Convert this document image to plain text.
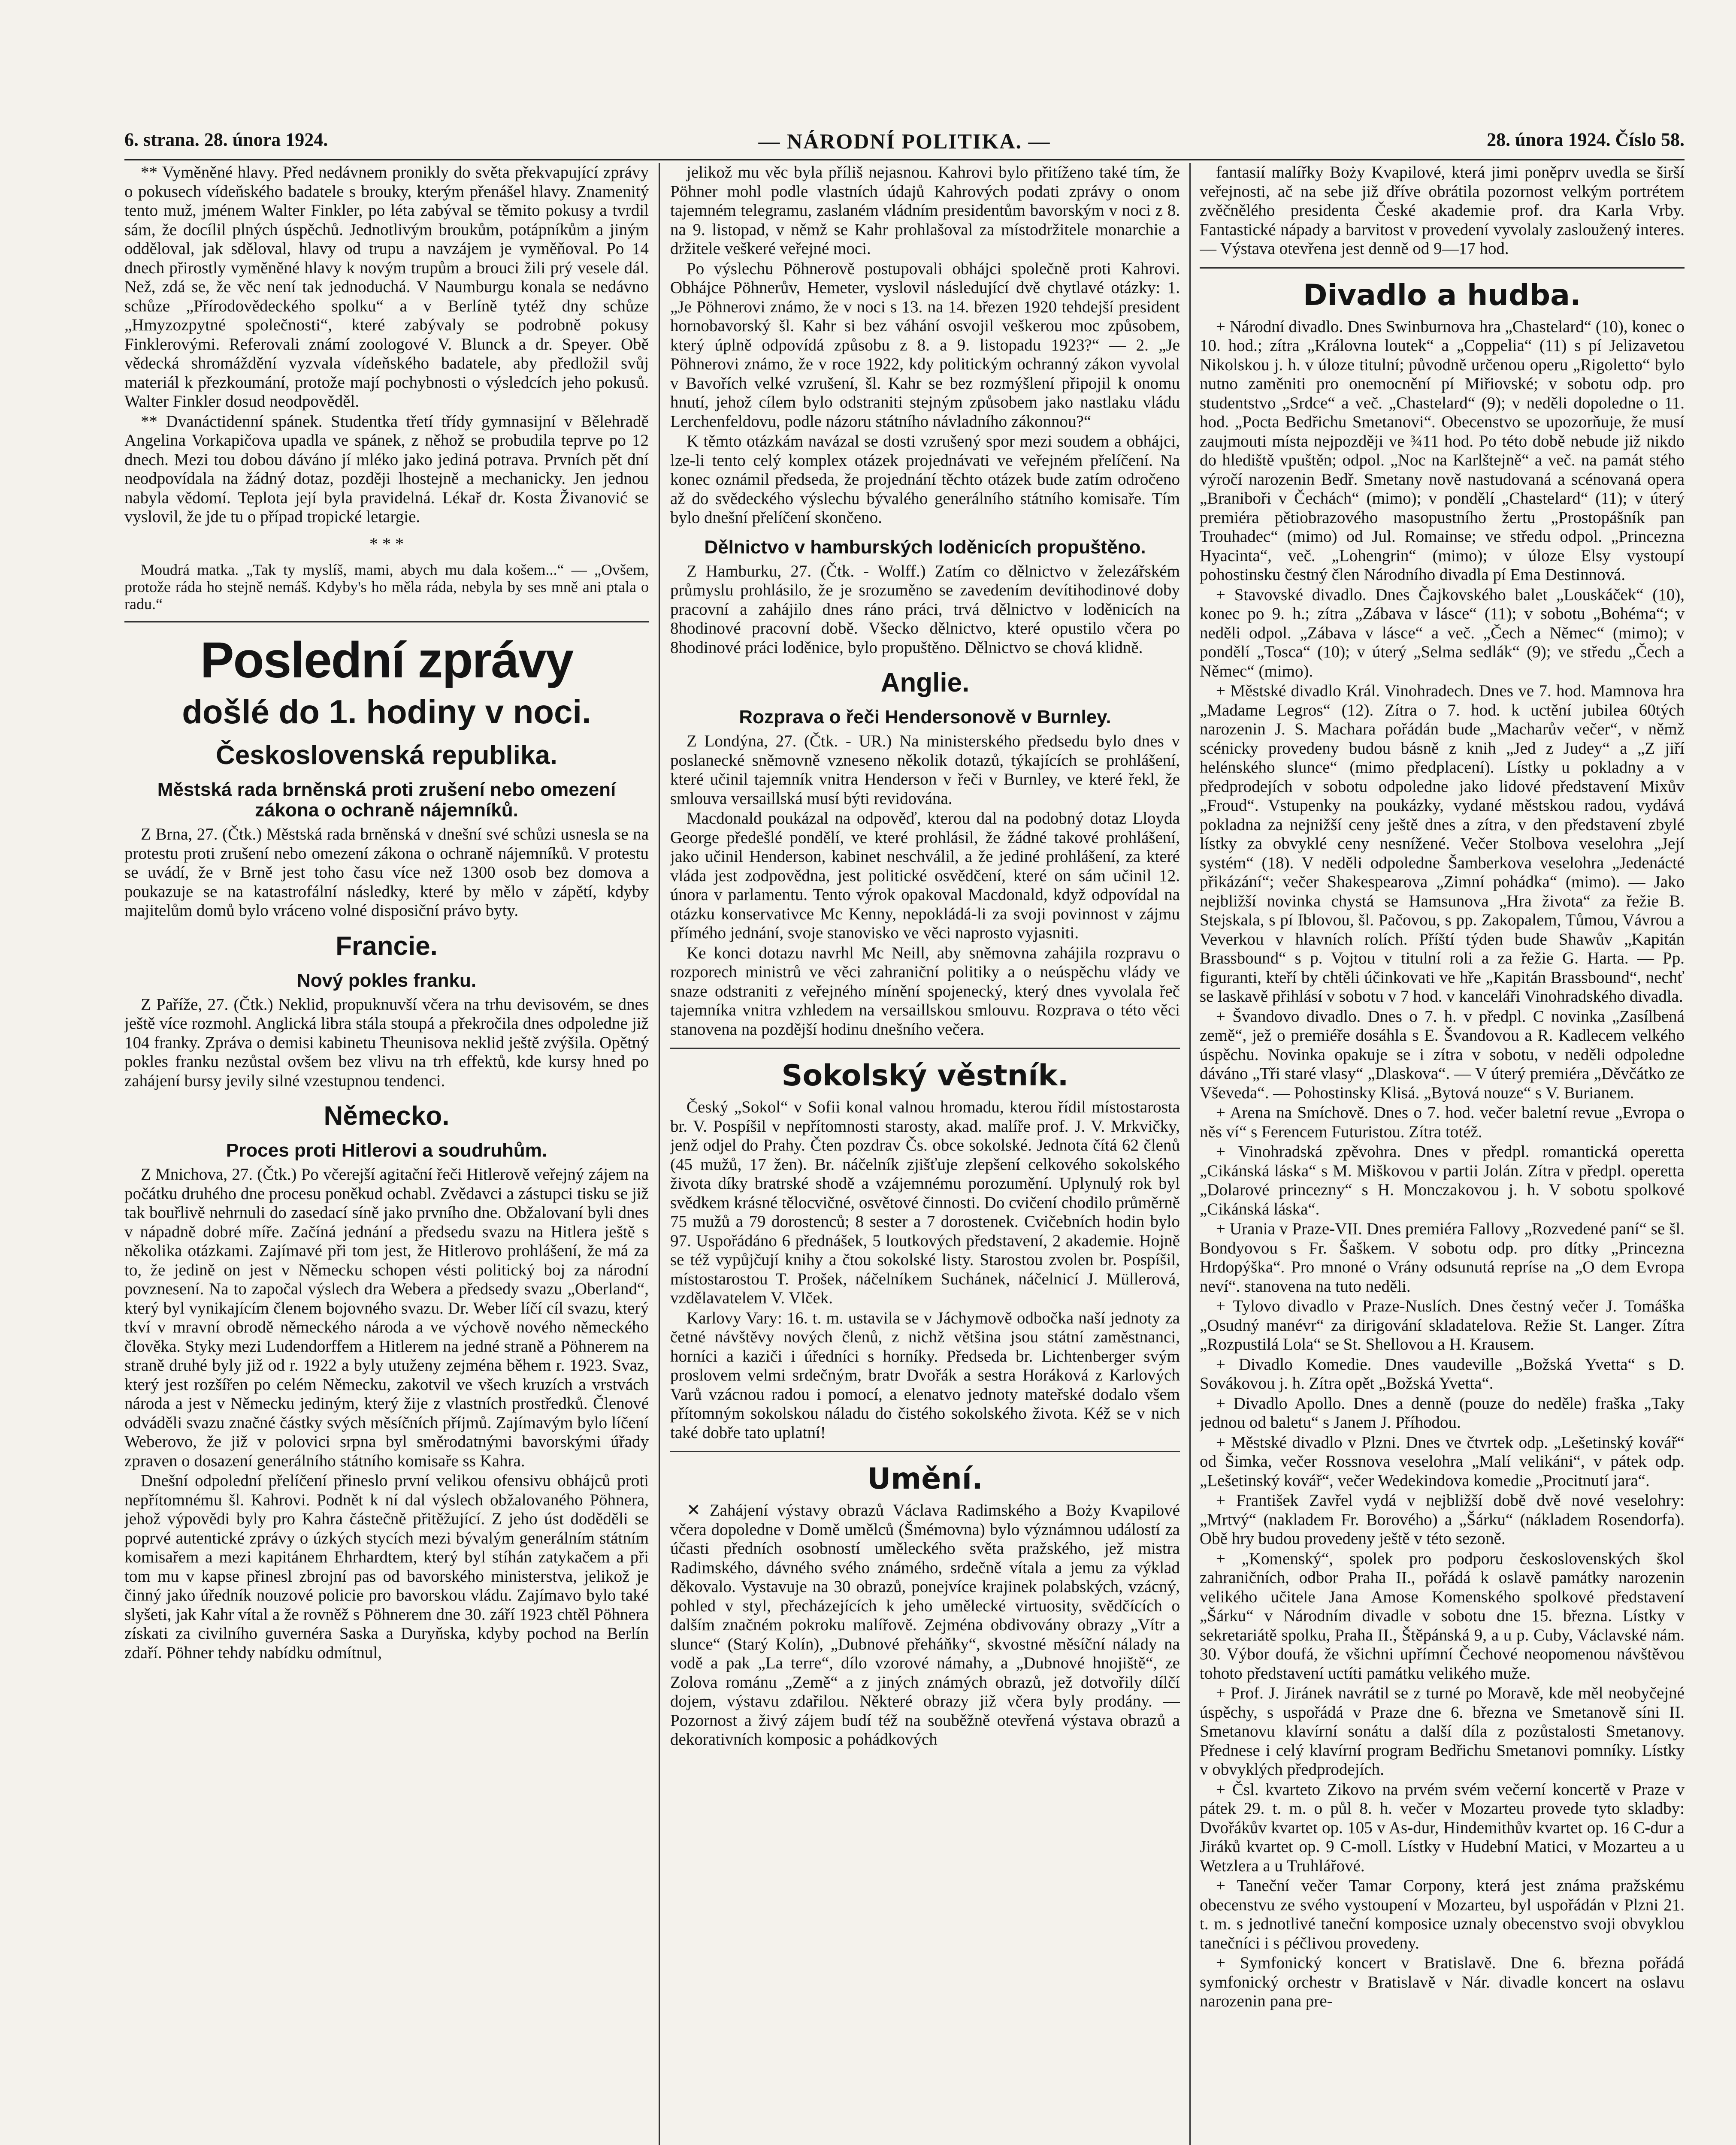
6. strana. 28. února 1924.	— NÁRODNÍ POLITIKA. —	28. února 1924. Číslo 58.

** Vyměněné hlavy. Před nedávnem pronikly do světa překvapující zprávy o pokusech vídeňského badatele s brouky, kterým přenášel hlavy. Znamenitý tento muž, jménem Walter Finkler, po léta zabýval se těmito pokusy a tvrdil sám, že docílil plných úspěchů. Jednotlivým broukům, potápníkům a jiným odděloval, jak sděloval, hlavy od trupu a navzájem je vyměňoval. Po 14 dnech přirostly vyměněné hlavy k novým trupům a brouci žili prý vesele dál. Než, zdá se, že věc není tak jednoduchá. V Naumburgu konala se nedávno schůze „Přírodovědeckého spolku“ a v Berlíně tytéž dny schůze „Hmyzozpytné společnosti“, které zabývaly se podrobně pokusy Finklerovými. Referovali známí zoologové V. Blunck a dr. Speyer. Obě vědecká shromáždění vyzvala vídeňského badatele, aby předložil svůj materiál k přezkoumání, protože mají pochybnosti o výsledcích jeho pokusů. Walter Finkler dosud neodpověděl.

** Dvanáctidenní spánek. Studentka třetí třídy gymnasijní v Bělehradě Angelina Vorkapičova upadla ve spánek, z něhož se probudila teprve po 12 dnech. Mezi tou dobou dáváno jí mléko jako jediná potrava. Prvních pět dní neodpovídala na žádný dotaz, později lhostejně a mechanicky. Jen jednou nabyla vědomí. Teplota její byla pravidelná. Lékař dr. Kosta Živanović se vyslovil, že jde tu o případ tropické letargie.

* * *

Moudrá matka. „Tak ty myslíš, mami, abych mu dala košem...“ — „Ovšem, protože ráda ho stejně nemáš. Kdyby's ho měla ráda, nebyla by ses mně ani ptala o radu.“

Poslední zprávy
došlé do 1. hodiny v noci.
Československá republika.
Městská rada brněnská proti zrušení nebo omezení zákona o ochraně nájemníků.

Z Brna, 27. (Čtk.) Městská rada brněnská v dnešní své schůzi usnesla se na protestu proti zrušení nebo omezení zákona o ochraně nájemníků. V protestu se uvádí, že v Brně jest toho času více než 1300 osob bez domova a poukazuje se na katastrofální následky, které by mělo v zápětí, kdyby majitelům domů bylo vráceno volné disposiční právo byty.

Francie.
Nový pokles franku.

Z Paříže, 27. (Čtk.) Neklid, propuknuvší včera na trhu devisovém, se dnes ještě více rozmohl. Anglická libra stála stoupá a překročila dnes odpoledne již 104 franky. Zpráva o demisi kabinetu Theunisova neklid ještě zvýšila. Opětný pokles franku nezůstal ovšem bez vlivu na trh effektů, kde kursy hned po zahájení bursy jevily silné vzestupnou tendenci.

Německo.
Proces proti Hitlerovi a soudruhům.

Z Mnichova, 27. (Čtk.) Po včerejší agitační řeči Hitlerově veřejný zájem na počátku druhého dne procesu poněkud ochabl. Zvědavci a zástupci tisku se již tak bouřlivě nehrnuli do zasedací síně jako prvního dne. Obžalovaní byli dnes v nápadně dobré míře. Začíná jednání a předsedu svazu na Hitlera ještě s několika otázkami. Zajímavé při tom jest, že Hitlerovo prohlášení, že má za to, že jedině on jest v Německu schopen vésti politický boj za národní povznesení. Na to započal výslech dra Webera a předsedy svazu „Oberland“, který byl vynikajícím členem bojovného svazu. Dr. Weber líčí cíl svazu, který tkví v mravní obrodě německého národa a ve výchově nového německého člověka. Styky mezi Ludendorffem a Hitlerem na jedné straně a Pöhnerem na straně druhé byly již od r. 1922 a byly utuženy zejména během r. 1923. Svaz, který jest rozšířen po celém Německu, zakotvil ve všech kruzích a vrstvách národa a jest v Německu jediným, který žije z vlastních prostředků. Členové odváděli svazu značné částky svých měsíčních příjmů. Zajímavým bylo líčení Weberovo, že již v polovici srpna byl směrodatnými bavorskými úřady zpraven o dosazení generálního státního komisaře ss Kahra.

Dnešní odpolední přelíčení přineslo první velikou ofensivu obhájců proti nepřítomnému šl. Kahrovi. Podnět k ní dal výslech obžalovaného Pöhnera, jehož výpovědi byly pro Kahra částečně přitěžující. Z jeho úst doděděli se poprvé autentické zprávy o úzkých stycích mezi bývalým generálním státním komisařem a mezi kapitánem Ehrhardtem, který byl stíhán zatykačem a při tom mu v kapse přinesl zbrojní pas od bavorského ministerstva, jelikož je činný jako úředník nouzové policie pro bavorskou vládu. Zajímavo bylo také slyšeti, jak Kahr vítal a že rovněž s Pöhnerem dne 30. září 1923 chtěl Pöhnera získati za civilního guvernéra Saska a Duryňska, kdyby pochod na Berlín zdaří. Pöhner tehdy nabídku odmítnul,

jelikož mu věc byla příliš nejasnou. Kahrovi bylo přitíženo také tím, že Pöhner mohl podle vlastních údajů Kahrových podati zprávy o onom tajemném telegramu, zaslaném vládním presidentům bavorským v noci z 8. na 9. listopad, v němž se Kahr prohlašoval za místodržitele monarchie a držitele veškeré veřejné moci.

Po výslechu Pöhnerově postupovali obhájci společně proti Kahrovi. Obhájce Pöhnerův, Hemeter, vyslovil následující dvě chytlavé otázky: 1. „Je Pöhnerovi známo, že v noci s 13. na 14. březen 1920 tehdejší president hornobavorský šl. Kahr si bez váhání osvojil veškerou moc způsobem, který úplně odpovídá způsobu z 8. a 9. listopadu 1923?“ — 2. „Je Pöhnerovi známo, že v roce 1922, kdy politickým ochranný zákon vyvolal v Bavořích velké vzrušení, šl. Kahr se bez rozmýšlení připojil k onomu hnutí, jehož cílem bylo odstraniti stejným způsobem jako nastlaku vládu Lerchenfeldovu, podle názoru státního návladního zákonnou?“

K těmto otázkám navázal se dosti vzrušený spor mezi soudem a obhájci, lze-li tento celý komplex otázek projednávati ve veřejném přelíčení. Na konec oznámil předseda, že projednání těchto otázek bude zatím odročeno až do svědeckého výslechu bývalého generálního státního komisaře. Tím bylo dnešní přelíčení skončeno.

Dělnictvo v hamburských loděnicích propuštěno.

Z Hamburku, 27. (Čtk. - Wolff.) Zatím co dělnictvo v železářském průmyslu prohlásilo, že je srozuměno se zavedením devítihodinové doby pracovní a zahájilo dnes ráno práci, trvá dělnictvo v loděnicích na 8hodinové pracovní době. Všecko dělnictvo, které opustilo včera po 8hodinové práci loděnice, bylo propuštěno. Dělnictvo se chová klidně.

Anglie.
Rozprava o řeči Hendersonově v Burnley.

Z Londýna, 27. (Čtk. - UR.) Na ministerského předsedu bylo dnes v poslanecké sněmovně vzneseno několik dotazů, týkajících se prohlášení, které učinil tajemník vnitra Henderson v řeči v Burnley, ve které řekl, že smlouva versaillská musí býti revidována.

Macdonald poukázal na odpověď, kterou dal na podobný dotaz Lloyda George předešlé pondělí, ve které prohlásil, že žádné takové prohlášení, jako učinil Henderson, kabinet neschválil, a že jediné prohlášení, za které vláda jest zodpovědna, jest politické osvědčení, které on sám učinil 12. února v parlamentu. Tento výrok opakoval Macdonald, když odpovídal na otázku konservativce Mc Kenny, nepokládá-li za svoji povinnost v zájmu přímého jednání, svoje stanovisko ve věci naprosto vyjasniti.

Ke konci dotazu navrhl Mc Neill, aby sněmovna zahájila rozpravu o rozporech ministrů ve věci zahraniční politiky a o neúspěchu vlády ve snaze odstraniti z veřejného mínění spojenecký, který dnes vyvolala řeč tajemníka vnitra vzhledem na versaillskou smlouvu. Rozprava o této věci stanovena na pozdější hodinu dnešního večera.

Sokolský věstník.

Český „Sokol“ v Sofii konal valnou hromadu, kterou řídil místostarosta br. V. Pospíšil v nepřítomnosti starosty, akad. malíře prof. J. V. Mrkvičky, jenž odjel do Prahy. Čten pozdrav Čs. obce sokolské. Jednota čítá 62 členů (45 mužů, 17 žen). Br. náčelník zjišťuje zlepšení celkového sokolského života díky bratrské shodě a vzájemnému porozumění. Uplynulý rok byl svědkem krásné tělocvičné, osvětové činnosti. Do cvičení chodilo průměrně 75 mužů a 79 dorostenců; 8 sester a 7 dorostenek. Cvičebních hodin bylo 97. Uspořádáno 6 přednášek, 5 loutkových představení, 2 akademie. Hojně se též vypůjčují knihy a čtou sokolské listy. Starostou zvolen br. Pospíšil, místostarostou T. Prošek, náčelníkem Suchánek, náčelnicí J. Müllerová, vzdělavatelem V. Vlček.

Karlovy Vary: 16. t. m. ustavila se v Jáchymově odbočka naší jednoty za četné návštěvy nových členů, z nichž většina jsou státní zaměstnanci, horníci a kaziči i úředníci s horníky. Předseda br. Lichtenberger svým proslovem velmi srdečným, bratr Dvořák a sestra Horáková z Karlových Varů vzácnou radou i pomocí, a elenatvo jednoty mateřské dodalo všem přítomným sokolskou náladu do čistého sokolského života. Kéž se v nich také dobře tato uplatní!

Umění.

✕ Zahájení výstavy obrazů Václava Radimského a Boży Kvapilové včera dopoledne v Domě umělců (Šmémovna) bylo význámnou událostí za účasti předních osobností uměleckého světa pražského, jež mistra Radimského, dávného svého známého, srdečně vítala a jemu za výklad děkovalo. Vystavuje na 30 obrazů, ponejvíce krajinek polabských, vzácný, pohled v styl, přecházejících k jeho umělecké virtuosity, svědčících o dalším značném pokroku malířově. Zejména obdivovány obrazy „Vítr a slunce“ (Starý Kolín), „Dubnové přeháňky“, skvostné měsíční nálady na vodě a pak „La terre“, dílo vzorové námahy, a „Dubnové hnojiště“, ze Zolova románu „Země“ a z jiných známých obrazů, jež dotvořily dílčí dojem, výstavu zdařilou. Některé obrazy již včera byly prodány. — Pozornost a živý zájem budí též na souběžně otevřená výstava obrazů a dekorativních komposic a pohádkových

fantasií malířky Boży Kvapilové, která jimi poněprv uvedla se širší veřejnosti, ač na sebe již dříve obrátila pozornost velkým portrétem zvěčnělého presidenta České akademie prof. dra Karla Vrby. Fantastické nápady a barvitost v provedení vyvolaly zasloužený interes. — Výstava otevřena jest denně od 9—17 hod.

Divadlo a hudba.

+ Národní divadlo. Dnes Swinburnova hra „Chastelard“ (10), konec o 10. hod.; zítra „Královna loutek“ a „Coppelia“ (11) s pí Jelizavetou Nikolskou j. h. v úloze titulní; původně určenou operu „Rigoletto“ bylo nutno zaměniti pro onemocnění pí Miřiovské; v sobotu odp. pro studentstvo „Srdce“ a več. „Chastelard“ (9); v neděli dopoledne o 11. hod. „Pocta Bedřichu Smetanovi“. Obecenstvo se upozorňuje, že musí zaujmouti místa nejpozději ve ¾11 hod. Po této době nebude již nikdo do hlediště vpuštěn; odpol. „Noc na Karlštejně“ a več. na památ stého výročí narozenin Bedř. Smetany nově nastudovaná a scénovaná opera „Braniboři v Čechách“ (mimo); v pondělí „Chastelard“ (11); v úterý premiéra pětiobrazového masopustního žertu „Prostopášník pan Trouhadec“ (mimo) od Jul. Romainse; ve středu odpol. „Princezna Hyacinta“, več. „Lohengrin“ (mimo); v úloze Elsy vystoupí pohostinsku čestný člen Národního divadla pí Ema Destinnová.

+ Stavovské divadlo. Dnes Čajkovského balet „Louskáček“ (10), konec po 9. h.; zítra „Zábava v lásce“ (11); v sobotu „Bohéma“; v neděli odpol. „Zábava v lásce“ a več. „Čech a Němec“ (mimo); v pondělí „Tosca“ (10); v úterý „Selma sedlák“ (9); ve středu „Čech a Němec“ (mimo).

+ Městské divadlo Král. Vinohradech. Dnes ve 7. hod. Mamnova hra „Madame Legros“ (12). Zítra o 7. hod. k uctění jubilea 60tých narozenin J. S. Machara pořádán bude „Macharův večer“, v němž scénicky provedeny budou básně z knih „Jed z Judey“ a „Z jiří helénského slunce“ (mimo předplacení). Lístky u pokladny a v předprodejích v sobotu odpoledne jako lidové představení Mixův „Froud“. Vstupenky na poukázky, vydané městskou radou, vydává pokladna za nejnižší ceny ještě dnes a zítra, v den představení zbylé lístky za obvyklé ceny nesnížené. Večer Stolbova veselohra „Její systém“ (18). V neděli odpoledne Šamberkova veselohra „Jedenácté přikázání“; večer Shakespearova „Zimní pohádka“ (mimo). — Jako nejbližší novinka chystá se Hamsunova „Hra života“ za řežie B. Stejskala, s pí Iblovou, šl. Pačovou, s pp. Zakopalem, Tůmou, Vávrou a Veverkou v hlavních rolích. Příští týden bude Shawův „Kapitán Brassbound“ s p. Vojtou v titulní roli a za řežie G. Harta. — Pp. figuranti, kteří by chtěli účinkovati ve hře „Kapitán Brassbound“, nechť se laskavě přihlásí v sobotu v 7 hod. v kanceláři Vinohradského divadla.

+ Švandovo divadlo. Dnes o 7. h. v předpl. C novinka „Zasílbená země“, jež o premiéře dosáhla s E. Švandovou a R. Kadlecem velkého úspěchu. Novinka opakuje se i zítra v sobotu, v neděli odpoledne dáváno „Tři staré vlasy“ „Dlaskova“. — V úterý premiéra „Děvčátko ze Vševeda“. — Pohostinsky Klisá. „Bytová nouze“ s V. Burianem.

+ Arena na Smíchově. Dnes o 7. hod. večer baletní revue „Evropa o něs ví“ s Ferencem Futuristou. Zítra totéž.

+ Vinohradská zpěvohra. Dnes v předpl. romantická operetta „Cikánská láska“ s M. Miškovou v partii Jolán. Zítra v předpl. operetta „Dolarové princezny“ s H. Monczakovou j. h. V sobotu spolkové „Cikánská láska“.

+ Urania v Praze-VII. Dnes premiéra Fallovy „Rozvedené paní“ se šl. Bondyovou s Fr. Šaškem. V sobotu odp. pro dítky „Princezna Hrdopýška“. Pro mnoné o Vrány odsunutá repríse na „O dem Evropa neví“. stanovena na tuto neděli.

+ Tylovo divadlo v Praze-Nuslích. Dnes čestný večer J. Tomáška „Osudný manévr“ za dirigování skladatelova. Režie St. Langer. Zítra „Rozpustilá Lola“ se St. Shellovou a H. Krausem.

+ Divadlo Komedie. Dnes vaudeville „Božská Yvetta“ s D. Sovákovou j. h. Zítra opět „Božská Yvetta“.

+ Divadlo Apollo. Dnes a denně (pouze do neděle) fraška „Taky jednou od baletu“ s Janem J. Příhodou.

+ Městské divadlo v Plzni. Dnes ve čtvrtek odp. „Lešetinský kovář“ od Šimka, večer Rossnova veselohra „Malí velikáni“, v pátek odp. „Lešetinský kovář“, večer Wedekindova komedie „Procitnutí jara“.

+ František Zavřel vydá v nejbližší době dvě nové veselohry: „Mrtvý“ (nakladem Fr. Borového) a „Šárku“ (nákladem Rosendorfa). Obě hry budou provedeny ještě v této sezoně.

+ „Komenský“, spolek pro podporu československých škol zahraničních, odbor Praha II., pořádá k oslavě památky narozenin velikého učitele Jana Amose Komenského spolkové představení „Šárku“ v Národním divadle v sobotu dne 15. března. Lístky v sekretariátě spolku, Praha II., Štěpánská 9, a u p. Cuby, Václavské nám. 30. Výbor doufá, že všichni upřímní Čechové neopomenou návštěvou tohoto představení uctíti památku velikého muže.

+ Prof. J. Jiránek navrátil se z turné po Moravě, kde měl neobyčejné úspěchy, s uspořádá v Praze dne 6. března ve Smetanově síni II. Smetanovu klavírní sonátu a další díla z pozůstalosti Smetanovy. Přednese i celý klavírní program Bedřichu Smetanovi pomníky. Lístky v obvyklých předprodejích.

+ Čsl. kvarteto Zikovo na prvém svém večerní koncertě v Praze v pátek 29. t. m. o půl 8. h. večer v Mozarteu provede tyto skladby: Dvořákův kvartet op. 105 v As-dur, Hindemithův kvartet op. 16 C-dur a Jiráků kvartet op. 9 C-moll. Lístky v Hudební Matici, v Mozarteu a u Wetzlera a u Truhlářové.

+ Taneční večer Tamar Corpony, která jest známa pražskému obecenstvu ze svého vystoupení v Mozarteu, byl uspořádán v Plzni 21. t. m. s jednotlivé taneční komposice uznaly obecenstvo svoji obvyklou tanečníci i s péčlivou provedeny.

+ Symfonický koncert v Bratislavě. Dne 6. března pořádá symfonický orchestr v Bratislavě v Nár. divadle koncert na oslavu narozenin pana pre-
